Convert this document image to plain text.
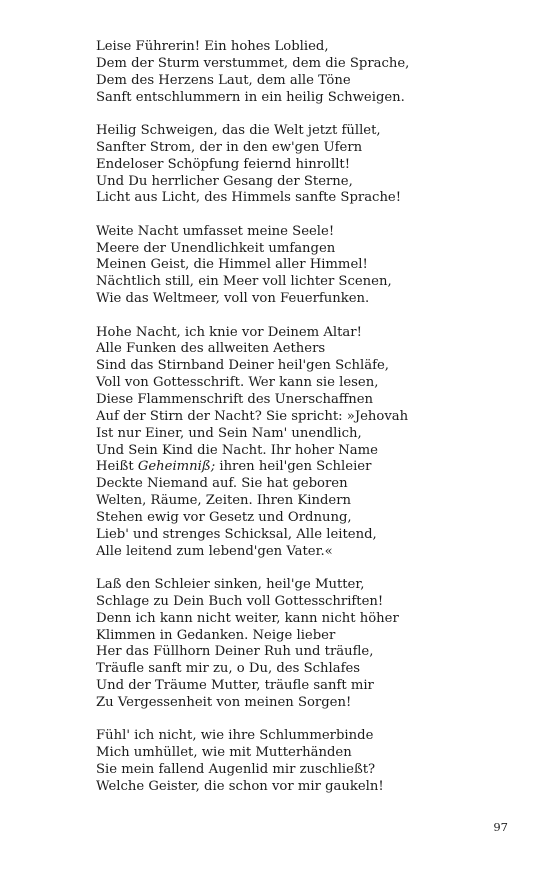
Leise Führerin! Ein hohes Loblied,
Dem der Sturm verstummet, dem die Sprache,
Dem des Herzens Laut, dem alle Töne
Sanft entschlummern in ein heilig Schweigen.
Heilig Schweigen, das die Welt jetzt füllet,
Sanfter Strom, der in den ew'gen Ufern
Endeloser Schöpfung feiernd hinrollt!
Und Du herrlicher Gesang der Sterne,
Licht aus Licht, des Himmels sanfte Sprache!
Weite Nacht umfasset meine Seele!
Meere der Unendlichkeit umfangen
Meinen Geist, die Himmel aller Himmel!
Nächtlich still, ein Meer voll lichter Scenen,
Wie das Weltmeer, voll von Feuerfunken.
Hohe Nacht, ich knie vor Deinem Altar!
Alle Funken des allweiten Aethers
Sind das Stirnband Deiner heil'gen Schläfe,
Voll von Gottesschrift. Wer kann sie lesen,
Diese Flammenschrift des Unerschaffnen
Auf der Stirn der Nacht? Sie spricht: »Jehovah
Ist nur Einer, und Sein Nam' unendlich,
Und Sein Kind die Nacht. Ihr hoher Name
Heißt Geheimniß; ihren heil'gen Schleier
Deckte Niemand auf. Sie hat geboren
Welten, Räume, Zeiten. Ihren Kindern
Stehen ewig vor Gesetz und Ordnung,
Lieb' und strenges Schicksal, Alle leitend,
Alle leitend zum lebend'gen Vater.«
Laß den Schleier sinken, heil'ge Mutter,
Schlage zu Dein Buch voll Gottesschriften!
Denn ich kann nicht weiter, kann nicht höher
Klimmen in Gedanken. Neige lieber
Her das Füllhorn Deiner Ruh und träufle,
Träufle sanft mir zu, o Du, des Schlafes
Und der Träume Mutter, träufle sanft mir
Zu Vergessenheit von meinen Sorgen!
Fühl' ich nicht, wie ihre Schlummerbinde
Mich umhüllet, wie mit Mutterhänden
Sie mein fallend Augenlid mir zuschließt?
Welche Geister, die schon vor mir gaukeln!
97
